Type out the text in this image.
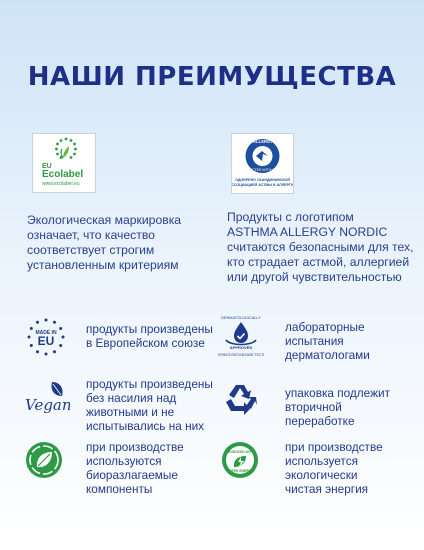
НАШИ ПРЕИМУЩЕСТВА
EU
Ecolabel
www.ecolabel.eu
ASTHMA ALLERGY NORDIC
SELECTED WITH CARE
ОДОБРЕНО СКАНДИНАВСКОЙ
АССОЦИАЦИЕЙ АСТМЫ И АЛЛЕРГИИ
Экологическая маркировка
означает, что качество
соответствует строгим
установленным критериям
Продукты с логотипом
ASTHMA ALLERGY NORDIC
считаются безопасными для тех,
кто страдает астмой, аллергией
или другой чувствительностью
MADE IN
EU
продукты произведены
в Европейском союзе
DERMATOLOGICALLY
APPROVED
ДЕРМАТОЛОГИЧЕСКИЕ ТЕСТЫ
лабораторные
испытания
дерматологами
Vegan
продукты произведены
без насилия над
животными и не
испытывались на них
упаковка подлежит
вторичной
переработке
при производстве
используются
биоразлагаемые
компоненты
PRODUCED WITH
GREEN ENERGY
при производстве
используется
экологически
чистая энергия
